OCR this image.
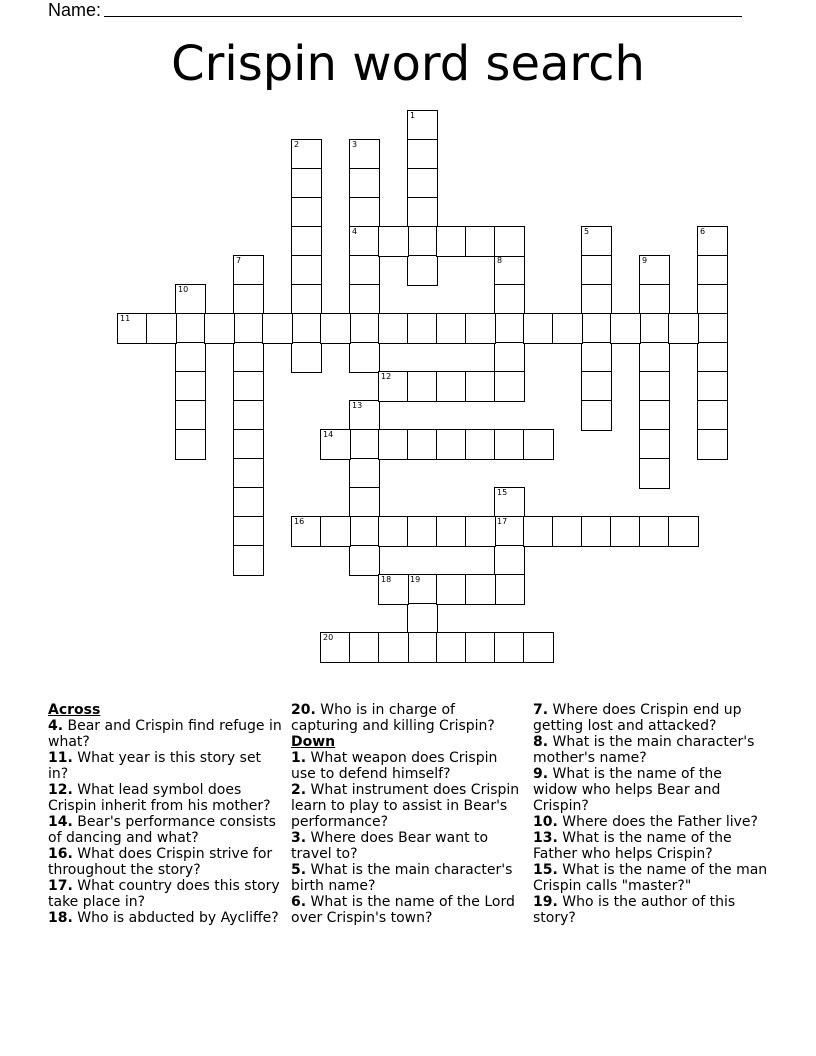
Name:
Crispin word search
1
2	3
4	5	6
7	8	9
10
13
15
17
19
11
12
14
16
18
20
Across
4. Bear and Crispin find refuge in what?
11. What year is this story set in?
12. What lead symbol does Crispin inherit from his mother?
14. Bear's performance consists of dancing and what?
16. What does Crispin strive for throughout the story?
17. What country does this story take place in?
18. Who is abducted by Aycliffe?
20. Who is in charge of capturing and killing Crispin?
Down
1. What weapon does Crispin use to defend himself?
2. What instrument does Crispin learn to play to assist in Bear's performance?
3. Where does Bear want to travel to?
5. What is the main character's birth name?
6. What is the name of the Lord over Crispin's town?
7. Where does Crispin end up getting lost and attacked?
8. What is the main character's mother's name?
9. What is the name of the widow who helps Bear and Crispin?
10. Where does the Father live?
13. What is the name of the Father who helps Crispin?
15. What is the name of the man Crispin calls "master?"
19. Who is the author of this story?
